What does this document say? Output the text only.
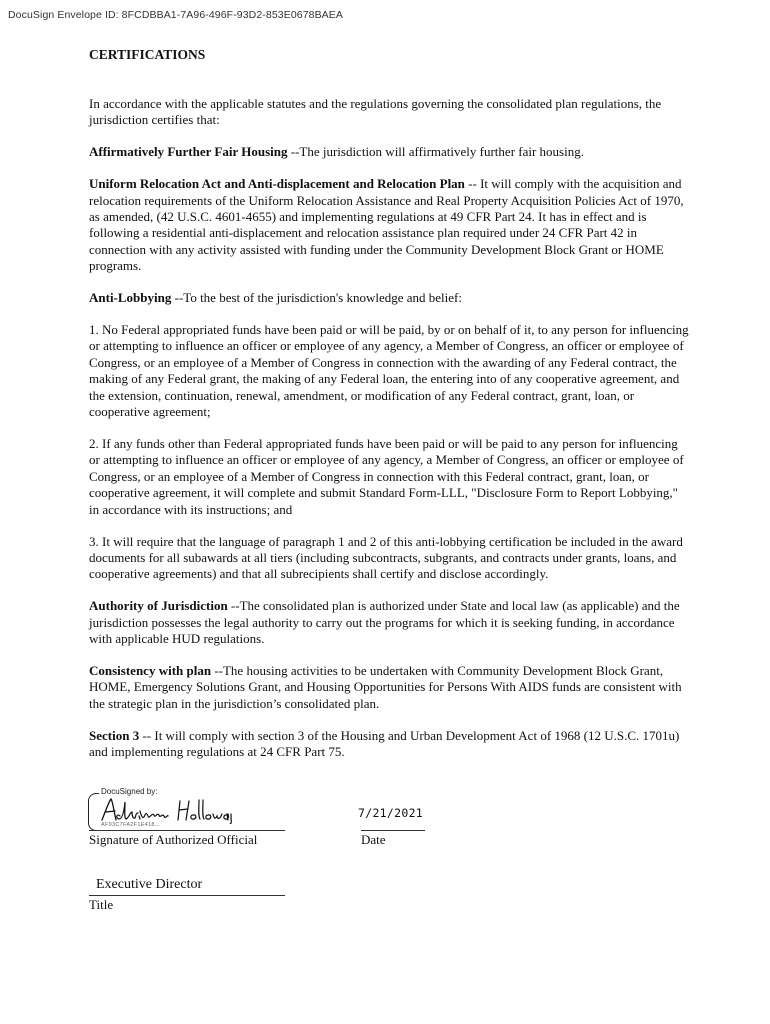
DocuSign Envelope ID: 8FCDBBA1-7A96-496F-93D2-853E0678BAEA
CERTIFICATIONS

In accordance with the applicable statutes and the regulations governing the consolidated plan regulations, the jurisdiction certifies that:

Affirmatively Further Fair Housing --The jurisdiction will affirmatively further fair housing.

Uniform Relocation Act and Anti-displacement and Relocation Plan -- It will comply with the acquisition and relocation requirements of the Uniform Relocation Assistance and Real Property Acquisition Policies Act of 1970, as amended, (42 U.S.C. 4601-4655) and implementing regulations at 49 CFR Part 24. It has in effect and is following a residential anti-displacement and relocation assistance plan required under 24 CFR Part 42 in connection with any activity assisted with funding under the Community Development Block Grant or HOME programs.

Anti-Lobbying --To the best of the jurisdiction's knowledge and belief:

1. No Federal appropriated funds have been paid or will be paid, by or on behalf of it, to any person for influencing or attempting to influence an officer or employee of any agency, a Member of Congress, an officer or employee of Congress, or an employee of a Member of Congress in connection with the awarding of any Federal contract, the making of any Federal grant, the making of any Federal loan, the entering into of any cooperative agreement, and the extension, continuation, renewal, amendment, or modification of any Federal contract, grant, loan, or cooperative agreement;

2. If any funds other than Federal appropriated funds have been paid or will be paid to any person for influencing or attempting to influence an officer or employee of any agency, a Member of Congress, an officer or employee of Congress, or an employee of a Member of Congress in connection with this Federal contract, grant, loan, or cooperative agreement, it will complete and submit Standard Form-LLL, "Disclosure Form to Report Lobbying," in accordance with its instructions; and

3. It will require that the language of paragraph 1 and 2 of this anti-lobbying certification be included in the award documents for all subawards at all tiers (including subcontracts, subgrants, and contracts under grants, loans, and cooperative agreements) and that all subrecipients shall certify and disclose accordingly.

Authority of Jurisdiction --The consolidated plan is authorized under State and local law (as applicable) and the jurisdiction possesses the legal authority to carry out the programs for which it is seeking funding, in accordance with applicable HUD regulations.

Consistency with plan --The housing activities to be undertaken with Community Development Block Grant, HOME, Emergency Solutions Grant, and Housing Opportunities for Persons With AIDS funds are consistent with the strategic plan in the jurisdiction’s consolidated plan.

Section 3 -- It will comply with section 3 of the Housing and Urban Development Act of 1968 (12 U.S.C. 1701u) and implementing regulations at 24 CFR Part 75.

DocuSigned by:
AF93C7FA2F1E418...
Signature of Authorized Official
7/21/2021
Date
Executive Director
Title
